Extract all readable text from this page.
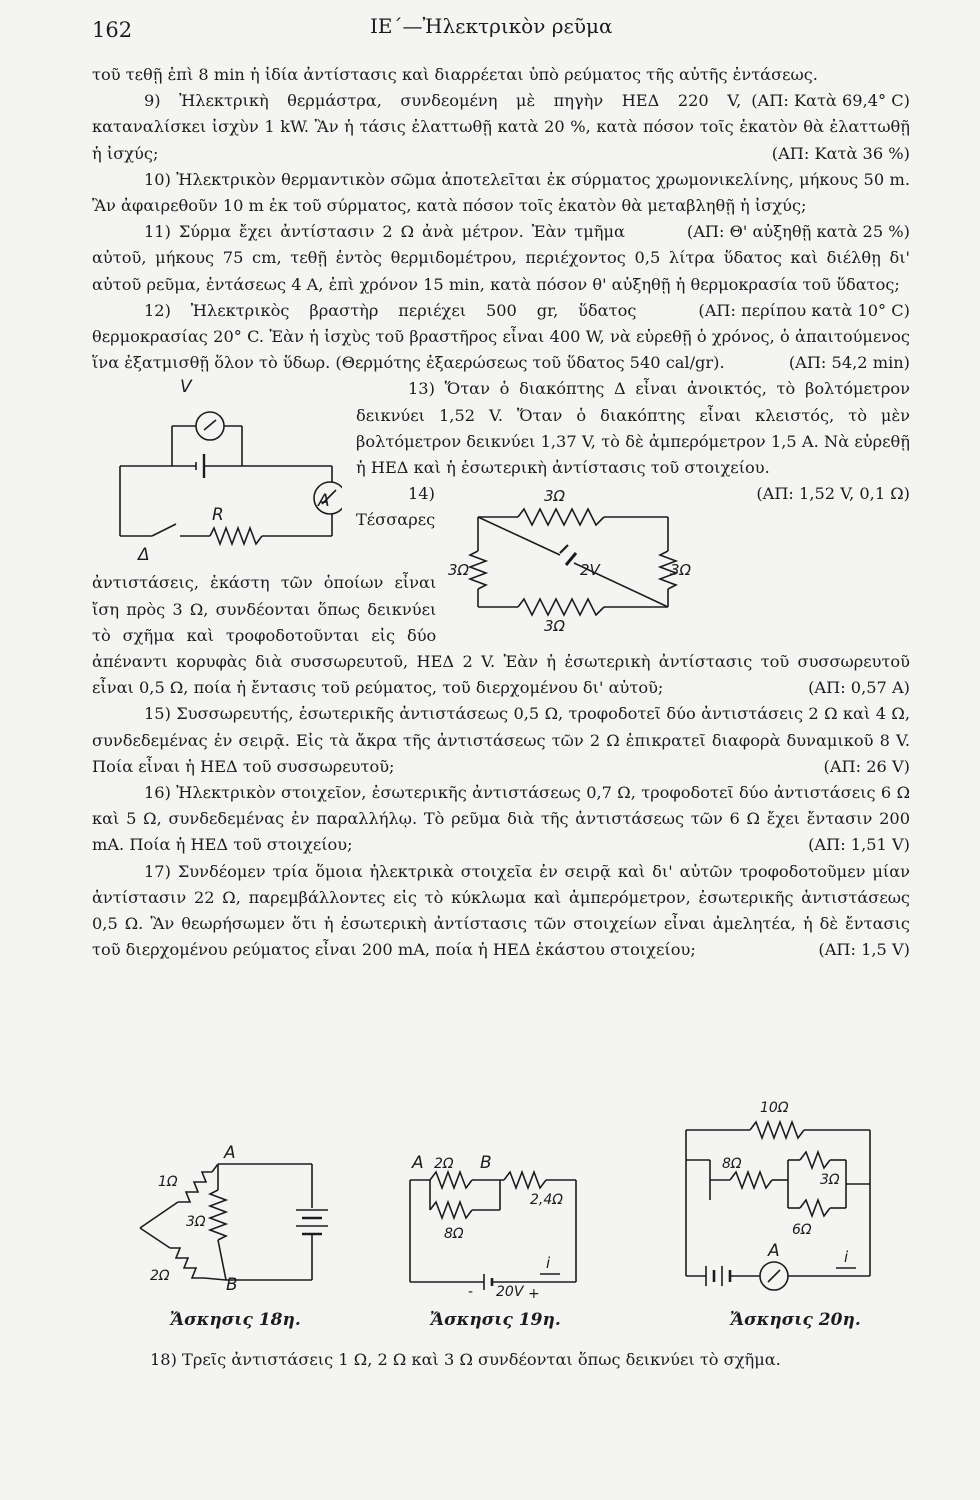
162	ΙΕ΄—Ἠλεκτρικὸν ρεῦμα

τοῦ τεθῇ ἐπὶ 8 min ἡ ἰδία ἀντίστασις καὶ διαρρέεται ὑπὸ ρεύματος τῆς αὐτῆς ἐντάσεως.
(ΑΠ: Κατὰ 69,4° C)

9) Ἠλεκτρικὴ θερμάστρα, συνδεομένη μὲ πηγὴν ΗΕΔ 220 V, καταναλίσκει ἰσχὺν 1 kW. Ἂν ἡ τάσις ἐλαττωθῇ κατὰ 20 %, κατὰ πόσον τοῖς ἑκατὸν θὰ ἐλαττωθῇ ἡ ἰσχύς;	(ΑΠ: Κατὰ 36 %)

10) Ἠλεκτρικὸν θερμαντικὸν σῶμα ἀποτελεῖται ἐκ σύρματος χρωμονικελίνης, μήκους 50 m. Ἂν ἀφαιρεθοῦν 10 m ἐκ τοῦ σύρματος, κατὰ πόσον τοῖς ἑκατὸν θὰ μεταβληθῇ ἡ ἰσχύς;
(ΑΠ: Θ' αὐξηθῇ κατὰ 25 %)

11) Σύρμα ἔχει ἀντίστασιν 2 Ω ἀνὰ μέτρον. Ἐὰν τμῆμα αὐτοῦ, μήκους 75 cm, τεθῇ ἐντὸς θερμιδομέτρου, περιέχοντος 0,5 λίτρα ὕδατος καὶ διέλθῃ δι' αὐτοῦ ρεῦμα, ἐντάσεως 4 A, ἐπὶ χρόνον 15 min, κατὰ πόσον θ' αὐξηθῇ ἡ θερμοκρασία τοῦ ὕδατος;
(ΑΠ: περίπου κατὰ 10° C)

12) Ἠλεκτρικὸς βραστὴρ περιέχει 500 gr, ὕδατος θερμοκρασίας 20° C. Ἐὰν ἡ ἰσχὺς τοῦ βραστῆρος εἶναι 400 W, νὰ εὑρεθῇ ὁ χρόνος, ὁ ἀπαιτούμενος ἵνα ἐξατμισθῇ ὅλον τὸ ὕδωρ. (Θερμότης ἐξαερώσεως τοῦ ὕδατος 540 cal/gr).	(ΑΠ: 54,2 min)

V
A
R
Δ

13) Ὅταν ὁ διακόπτης Δ εἶναι ἀνοικτός, τὸ βολτόμετρον δεικνύει 1,52 V. Ὅταν ὁ διακόπτης εἶναι κλειστός, τὸ μὲν βολτόμετρον δεικνύει 1,37 V, τὸ δὲ ἀμπερόμετρον 1,5 A. Νὰ εὑρεθῇ ἡ ΗΕΔ καὶ ἡ ἐσωτερικὴ ἀντίστασις τοῦ στοιχείου.
(ΑΠ: 1,52 V, 0,1 Ω)

3Ω
3Ω	3Ω
3Ω
2V

14) Τέσσαρες ἀντιστάσεις, ἑκάστη τῶν ὁποίων εἶναι ἴση πρὸς 3 Ω, συνδέονται ὅπως δεικνύει τὸ σχῆμα καὶ τροφοδοτοῦνται εἰς δύο ἀπέναντι κορυφὰς διὰ συσσωρευτοῦ, ΗΕΔ 2 V. Ἐὰν ἡ ἐσωτερικὴ ἀντίστασις τοῦ συσσωρευτοῦ εἶναι 0,5 Ω, ποία ἡ ἔντασις τοῦ ρεύματος, τοῦ διερχομένου δι' αὐτοῦ;	(ΑΠ: 0,57 A)

15) Συσσωρευτής, ἐσωτερικῆς ἀντιστάσεως 0,5 Ω, τροφοδοτεῖ δύο ἀντιστάσεις 2 Ω καὶ 4 Ω, συνδεδεμένας ἐν σειρᾷ. Εἰς τὰ ἄκρα τῆς ἀντιστάσεως τῶν 2 Ω ἐπικρατεῖ διαφορὰ δυναμικοῦ 8 V. Ποία εἶναι ἡ ΗΕΔ τοῦ συσσωρευτοῦ;	(ΑΠ: 26 V)

16) Ἠλεκτρικὸν στοιχεῖον, ἐσωτερικῆς ἀντιστάσεως 0,7 Ω, τροφοδοτεῖ δύο ἀντιστάσεις 6 Ω καὶ 5 Ω, συνδεδεμένας ἐν παραλλήλῳ. Τὸ ρεῦμα διὰ τῆς ἀντιστάσεως τῶν 6 Ω ἔχει ἔντασιν 200 mA. Ποία ἡ ΗΕΔ τοῦ στοιχείου;	(ΑΠ: 1,51 V)

17) Συνδέομεν τρία ὅμοια ἠλεκτρικὰ στοιχεῖα ἐν σειρᾷ καὶ δι' αὐτῶν τροφοδοτοῦμεν μίαν ἀντίστασιν 22 Ω, παρεμβάλλοντες εἰς τὸ κύκλωμα καὶ ἀμπερόμετρον, ἐσωτερικῆς ἀντιστάσεως 0,5 Ω. Ἂν θεωρήσωμεν ὅτι ἡ ἐσωτερικὴ ἀντίστασις τῶν στοιχείων εἶναι ἀμελητέα, ἡ δὲ ἔντασις τοῦ διερχομένου ρεύματος εἶναι 200 mA, ποία ἡ ΗΕΔ ἑκάστου στοιχείου;	(ΑΠ: 1,5 V)

A
B
1Ω
3Ω
2Ω
Ἄσκησις 18η.
A 2Ω B
2,4Ω
8Ω
- 20V +
i
Ἄσκησις 19η.
10Ω
8Ω
3Ω
6Ω
A	i
Ἄσκησις 20η.
18) Τρεῖς ἀντιστάσεις 1 Ω, 2 Ω καὶ 3 Ω συνδέονται ὅπως δεικνύει τὸ σχῆμα.
